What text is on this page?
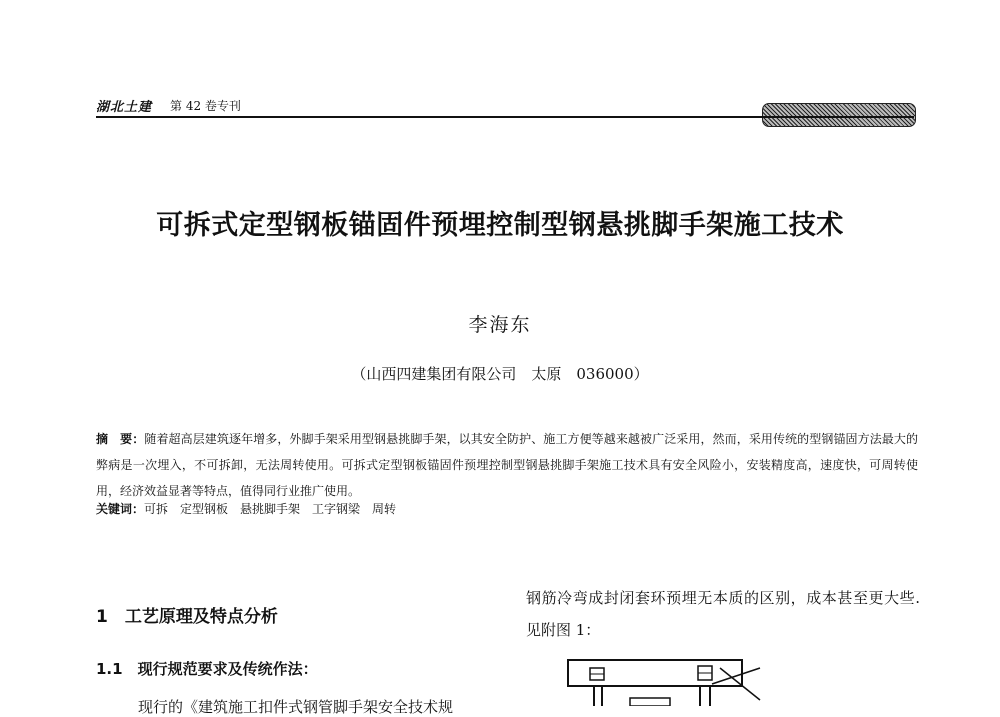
湖北土建 第 42 卷专刊
可拆式定型钢板锚固件预埋控制型钢悬挑脚手架施工技术
李海东
（山西四建集团有限公司　太原　036000）
摘　要：随着超高层建筑逐年增多，外脚手架采用型钢悬挑脚手架，以其安全防护、施工方便等越来越被广泛采用，然而，采用传统的型钢锚固方法最大的弊病是一次埋入，不可拆卸，无法周转使用。可拆式定型钢板锚固件预埋控制型钢悬挑脚手架施工技术具有安全风险小，安装精度高，速度快，可周转使用，经济效益显著等特点，值得同行业推广使用。
关键词：可拆　定型钢板　悬挑脚手架　工字钢梁　周转
1　工艺原理及特点分析
1.1　现行规范要求及传统作法：
现行的《建筑施工扣件式钢管脚手架安全技术规
钢筋冷弯成封闭套环预埋无本质的区别，成本甚至更大些.见附图 1：
